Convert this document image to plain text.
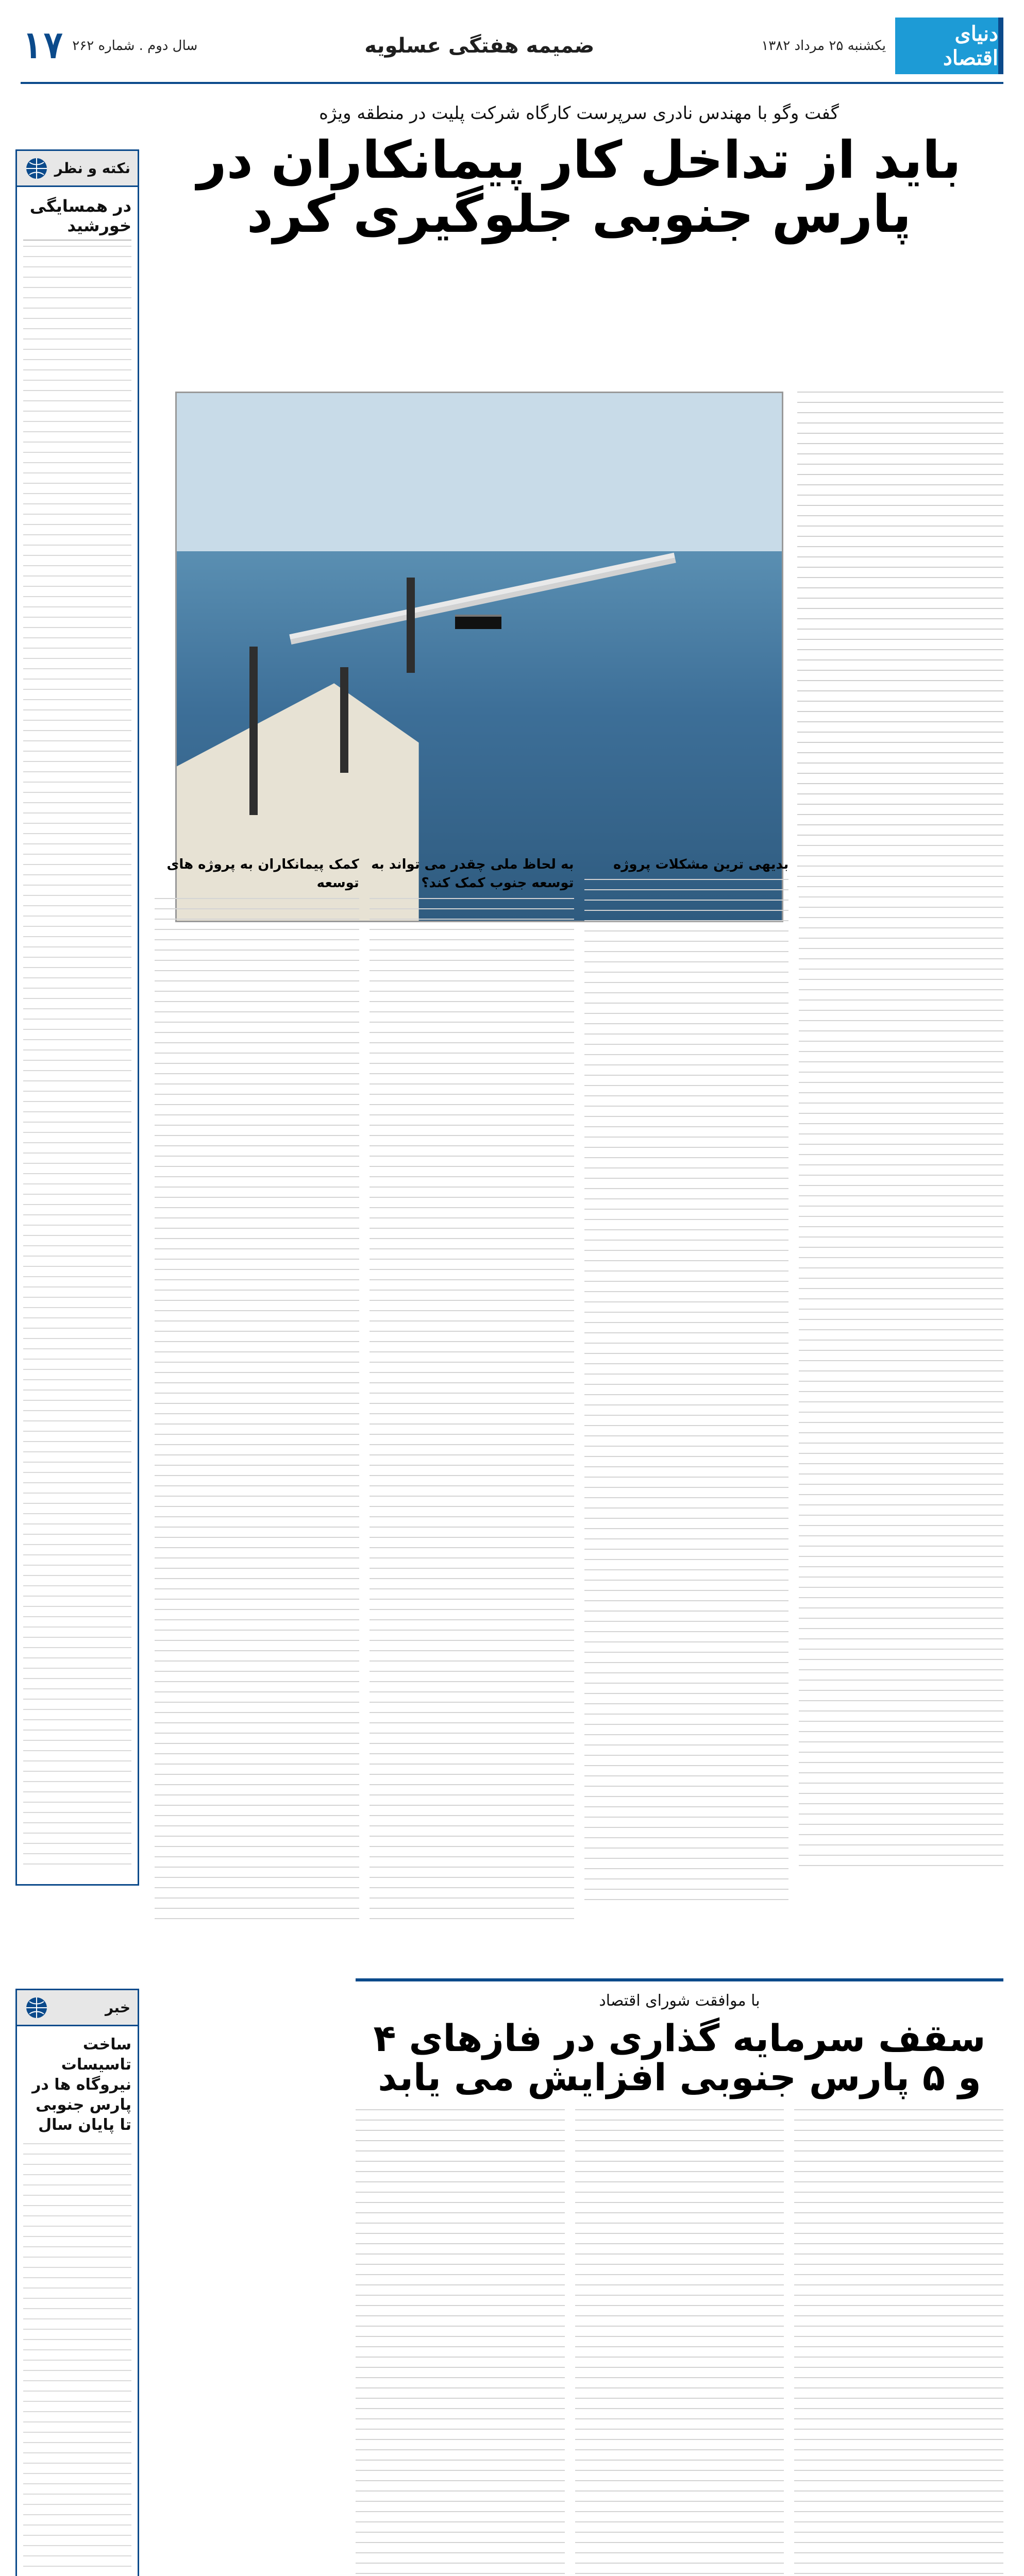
دنیای اقتصاد
یکشنبه ۲۵ مرداد ۱۳۸۲
ضمیمه هفتگی عسلویه
سال دوم . شماره ۲۶۲
۱۷
نکته و نظر
در همسایگی خورشید
خبر
ساخت تاسیسات نیروگاه ها در پارس جنوبی تا پایان سال
گفت وگو با مهندس نادری سرپرست کارگاه شرکت پلیت در منطقه ویژه
باید از تداخل کار پیمانکاران در پارس جنوبی جلوگیری کرد
بدیهی ترین مشکلات پروژه
به لحاظ ملی چقدر می تواند به توسعه جنوب کمک کند؟
کمک پیمانکاران به پروژه های توسعه
با موافقت شورای اقتصاد
سقف سرمایه گذاری در فازهای ۴ و ۵ پارس جنوبی افزایش می یابد
